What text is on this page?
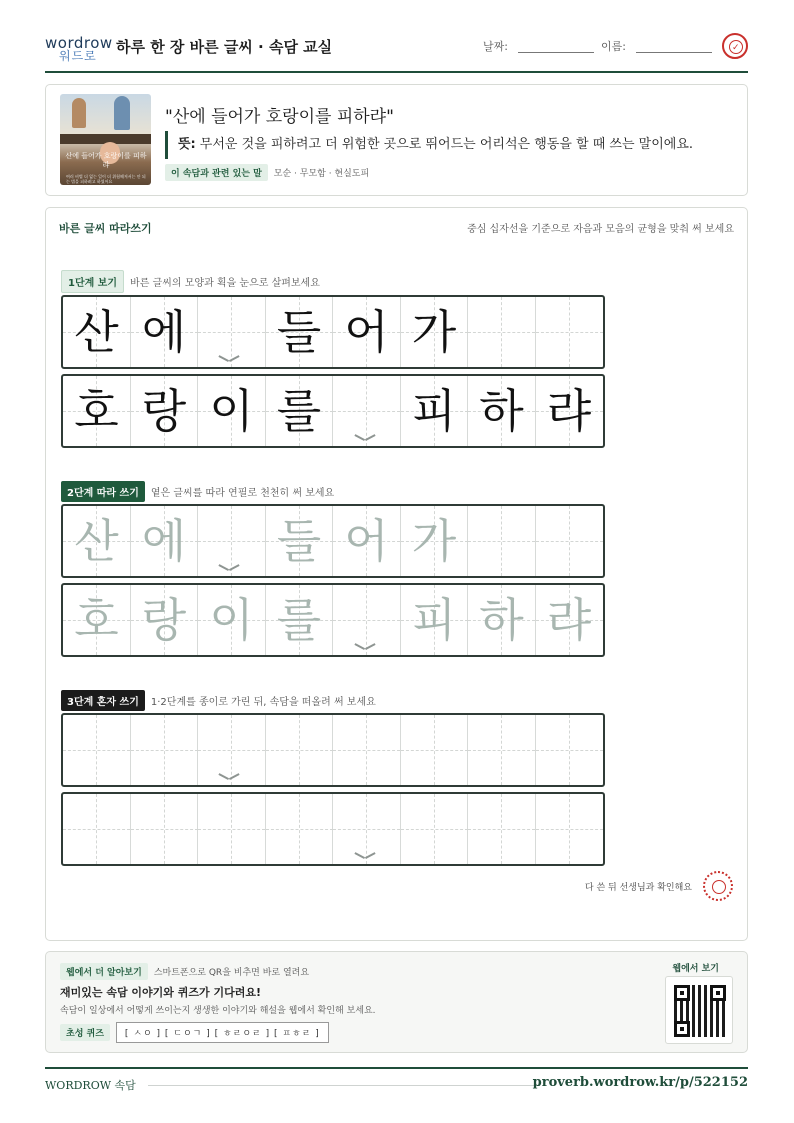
wordrow
워드로 하루 한 장 바른 글씨 · 속담 교실	날짜:	이름:	✓
산에 들어가 호랑이를 피하랴
여러 비법 더 없는 일이 더 위험해져서는 안 되는 법을 피하려고 하였어요
"산에 들어가 호랑이를 피하랴"
뜻: 무서운 것을 피하려고 더 위험한 곳으로 뛰어드는 어리석은 행동을 할 때 쓰는 말이에요.
이 속담과 관련 있는 말 모순 · 무모함 · 현실도피
바른 글씨 따라쓰기	중심 십자선을 기준으로 자음과 모음의 균형을 맞춰 써 보세요
1단계 보기 바른 글씨의 모양과 획을 눈으로 살펴보세요
산 에 들 어 가
호 랑 이 를 피 하 랴
2단계 따라 쓰기 옅은 글씨를 따라 연필로 천천히 써 보세요
산 에 들 어 가
호 랑 이 를 피 하 랴
3단계 혼자 쓰기 1·2단계를 종이로 가린 뒤, 속담을 떠올려 써 보세요
다 쓴 뒤 선생님과 확인해요
웹에서 더 알아보기 스마트폰으로 QR을 비추면 바로 열려요
재미있는 속담 이야기와 퀴즈가 기다려요!
속담이 일상에서 어떻게 쓰이는지 생생한 이야기와 해설을 웹에서 확인해 보세요.
초성 퀴즈 [ ㅅㅇ ] [ ㄷㅇㄱ ] [ ㅎㄹㅇㄹ ] [ ㅍㅎㄹ ]
웹에서 보기
WORDROW 속담	proverb.wordrow.kr/p/522152
